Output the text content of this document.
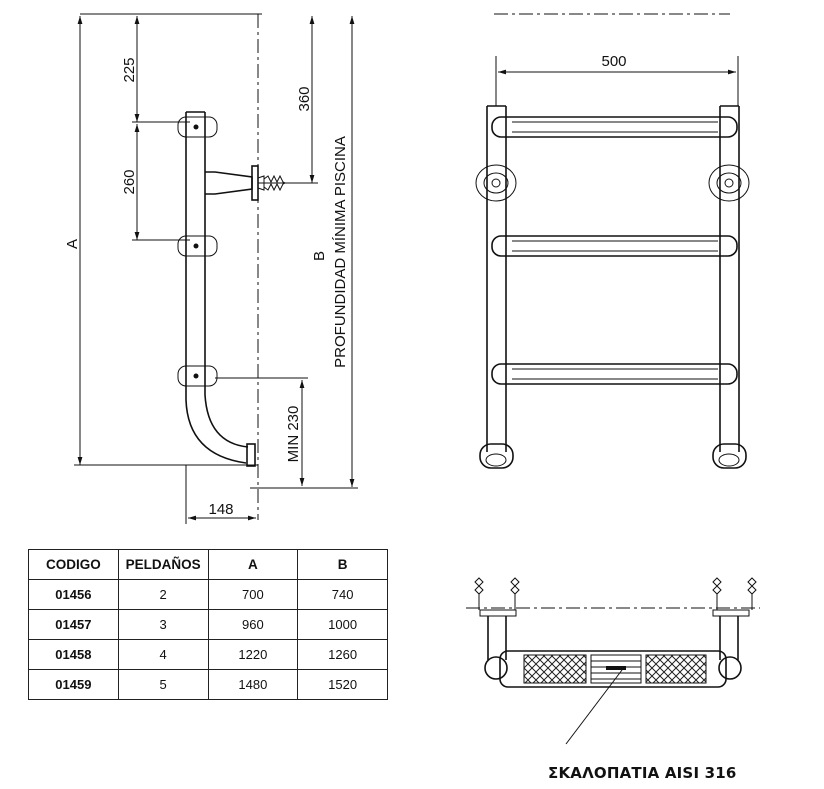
225
260
A
360
B PROFUNDIDAD MÍNIMA PISCINA
MIN 230
148
500
CODIGO	PELDAÑOS	A	B
01456	2	700	740
01457	3	960	1000
01458	4	1220	1260
01459	5	1480	1520
ΣΚΑΛΟΠΑΤΙΑ AISI 316
